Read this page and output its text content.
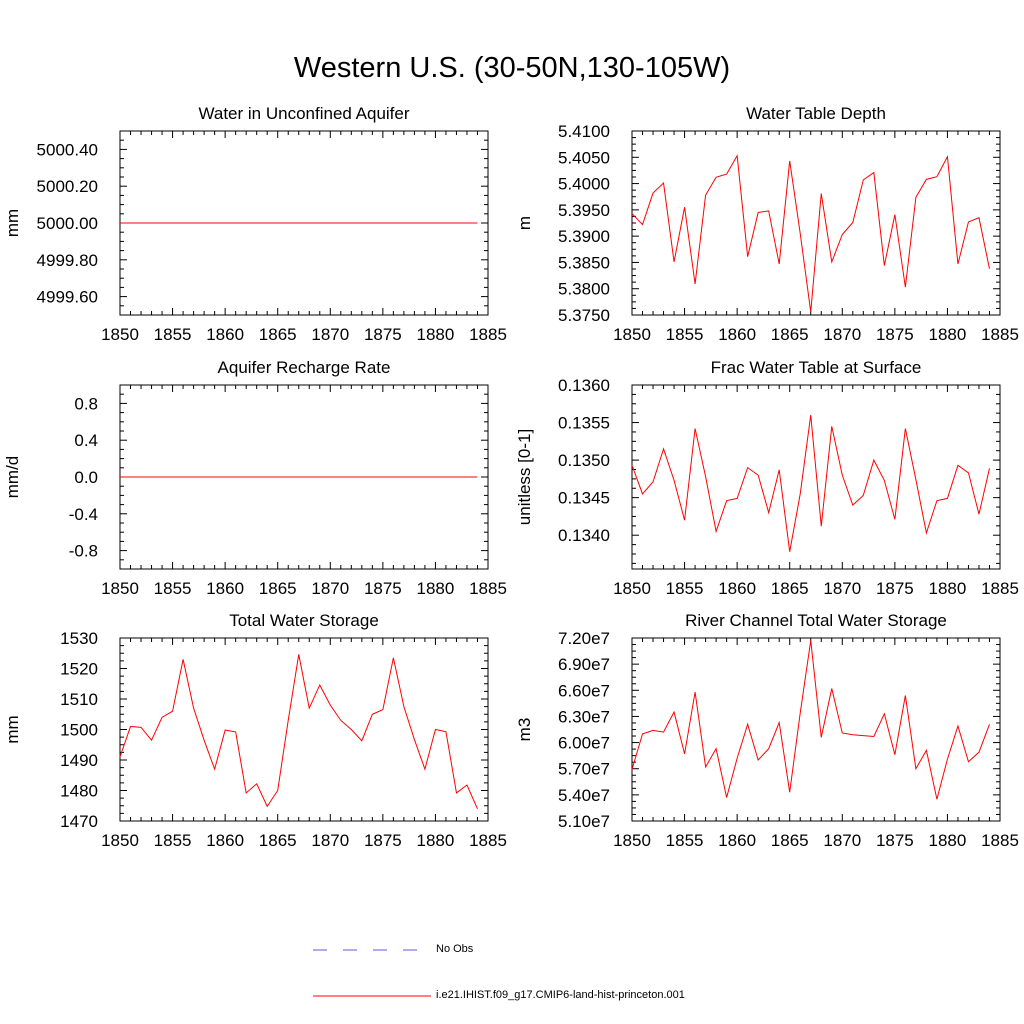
Western U.S. (30-50N,130-105W)
Water in Unconfined Aquifer
mm
1850 1855 1860 1865 1870 1875 1880 1885
4999.60
4999.80
5000.00
5000.20
5000.40
Water Table Depth
m
1850 1855 1860 1865 1870 1875 1880 1885
5.3750
5.3800
5.3850
5.3900
5.3950
5.4000
5.4050
5.4100
Aquifer Recharge Rate
mm/d
1850 1855 1860 1865 1870 1875 1880 1885
-0.8
-0.4
0.0
0.4
0.8
Frac Water Table at Surface
unitless [0-1]
1850 1855 1860 1865 1870 1875 1880 1885
0.1340
0.1345
0.1350
0.1355
0.1360
Total Water Storage
mm
1850 1855 1860 1865 1870 1875 1880 1885
1470
1480
1490
1500
1510
1520
1530
River Channel Total Water Storage
m3
1850 1855 1860 1865 1870 1875 1880 1885
5.10e7
5.40e7
5.70e7
6.00e7
6.30e7
6.60e7
6.90e7
7.20e7
No Obs
i.e21.IHIST.f09_g17.CMIP6-land-hist-princeton.001
